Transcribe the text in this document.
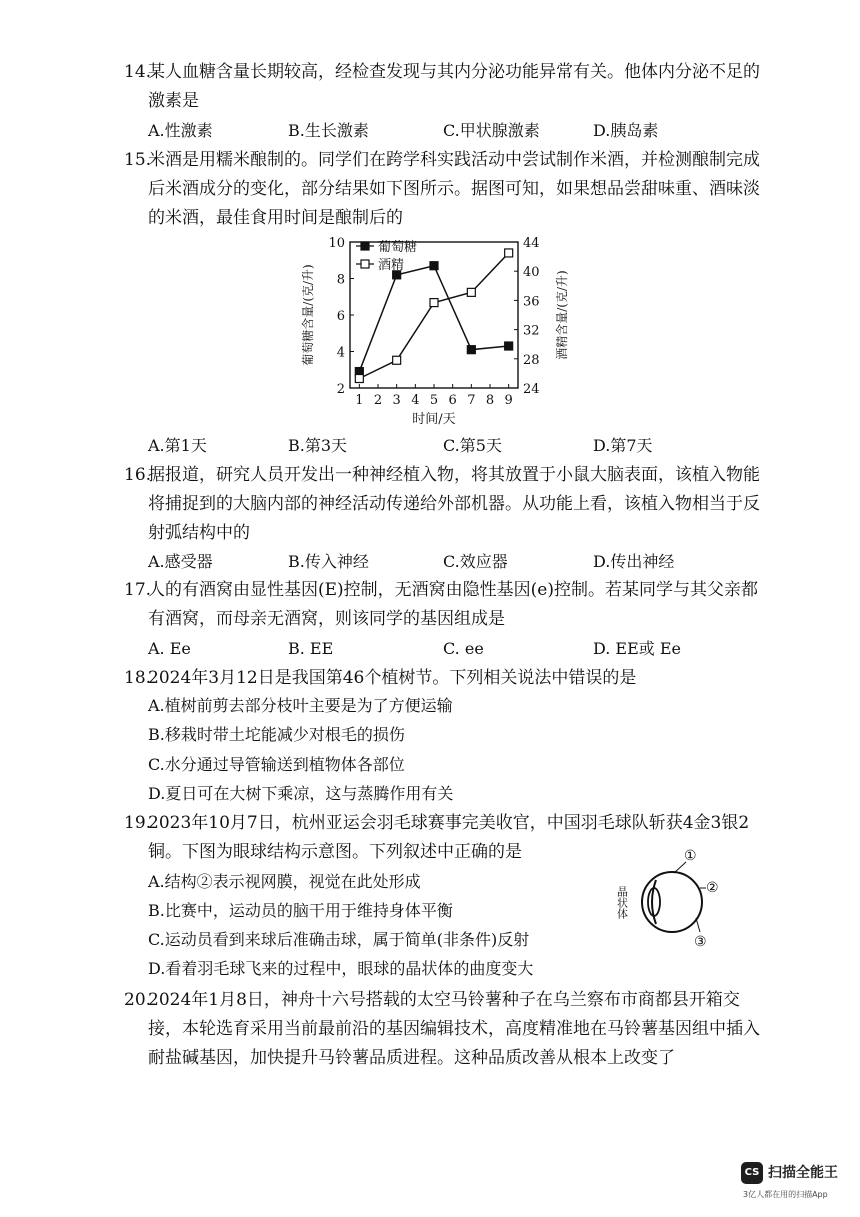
14.
某人血糖含量长期较高，经检查发现与其内分泌功能异常有关。他体内分泌不足的激素是
A.性激素	B.生长激素	C.甲状腺激素	D.胰岛素
15.
米酒是用糯米酿制的。同学们在跨学科实践活动中尝试制作米酒，并检测酿制完成后米酒成分的变化，部分结果如下图所示。据图可知，如果想品尝甜味重、酒味淡的米酒，最佳食用时间是酿制后的
1 2 3 4 5 6 7 8 9
2
4
6
8
10
24
28
32
36
40
44
时间/天
葡萄糖含量/(克/升)	酒精含量/(克/升)
葡萄糖
酒精
A.第1天	B.第3天	C.第5天	D.第7天
16.
据报道，研究人员开发出一种神经植入物，将其放置于小鼠大脑表面，该植入物能将捕捉到的大脑内部的神经活动传递给外部机器。从功能上看，该植入物相当于反射弧结构中的
A.感受器	B.传入神经	C.效应器	D.传出神经
17.
人的有酒窝由显性基因(E)控制，无酒窝由隐性基因(e)控制。若某同学与其父亲都有酒窝，而母亲无酒窝，则该同学的基因组成是
A. Ee	B. EE	C. ee	D. EE或 Ee
18.
2024年3月12日是我国第46个植树节。下列相关说法中错误的是
A.植树前剪去部分枝叶主要是为了方便运输
B.移栽时带土坨能减少对根毛的损伤
C.水分通过导管输送到植物体各部位
D.夏日可在大树下乘凉，这与蒸腾作用有关
19.
2023年10月7日，杭州亚运会羽毛球赛事完美收官，中国羽毛球队斩获4金3银2铜。下图为眼球结构示意图。下列叙述中正确的是
A.结构②表示视网膜，视觉在此处形成
B.比赛中，运动员的脑干用于维持身体平衡
C.运动员看到来球后准确击球，属于简单(非条件)反射
D.看着羽毛球飞来的过程中，眼球的晶状体的曲度变大
①
②
③
晶状体
20.
2024年1月8日，神舟十六号搭载的太空马铃薯种子在乌兰察布市商都县开箱交接，本轮选育采用当前最前沿的基因编辑技术，高度精准地在马铃薯基因组中插入耐盐碱基因，加快提升马铃薯品质进程。这种品质改善从根本上改变了
CS 扫描全能王
3亿人都在用的扫描App
